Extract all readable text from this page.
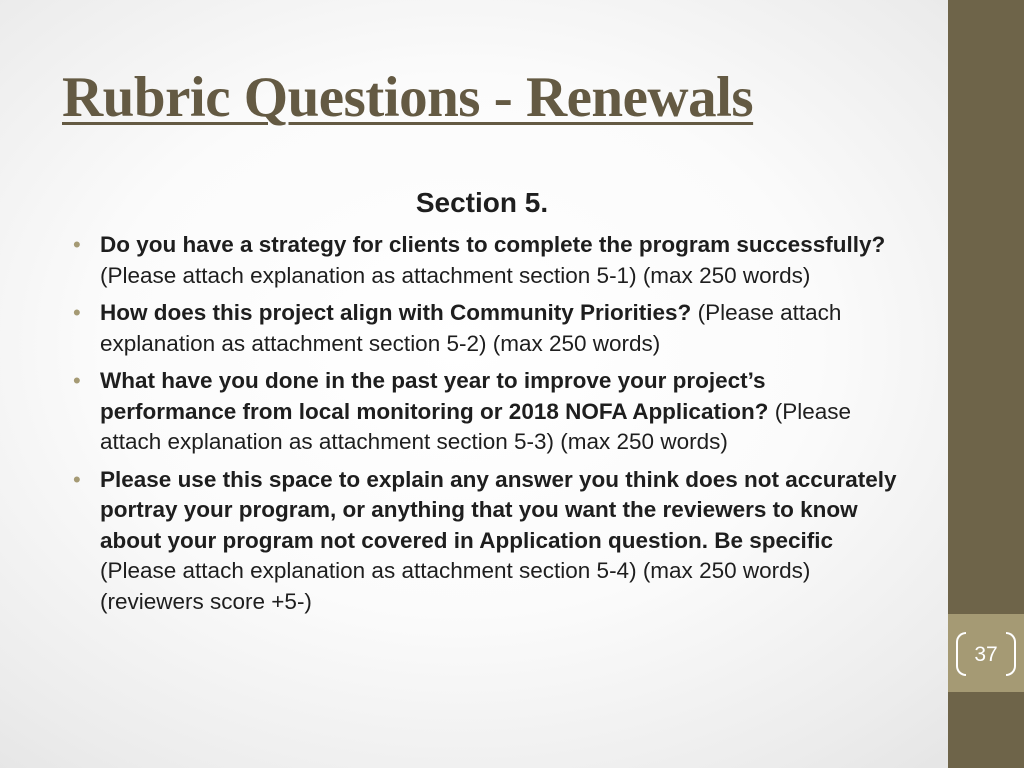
Rubric Questions - Renewals
Section 5.
• Do you have a strategy for clients to complete the program successfully? (Please attach explanation as attachment section 5-1) (max 250 words)
• How does this project align with Community Priorities? (Please attach explanation as attachment section 5-2) (max 250 words)
• What have you done in the past year to improve your project’s performance from local monitoring or 2018 NOFA Application? (Please attach explanation as attachment section 5-3) (max 250 words)
• Please use this space to explain any answer you think does not accurately portray your program, or anything that you want the reviewers to know about your program not covered in Application question. Be specific (Please attach explanation as attachment section 5-4) (max 250 words) (reviewers score +5-)
37
